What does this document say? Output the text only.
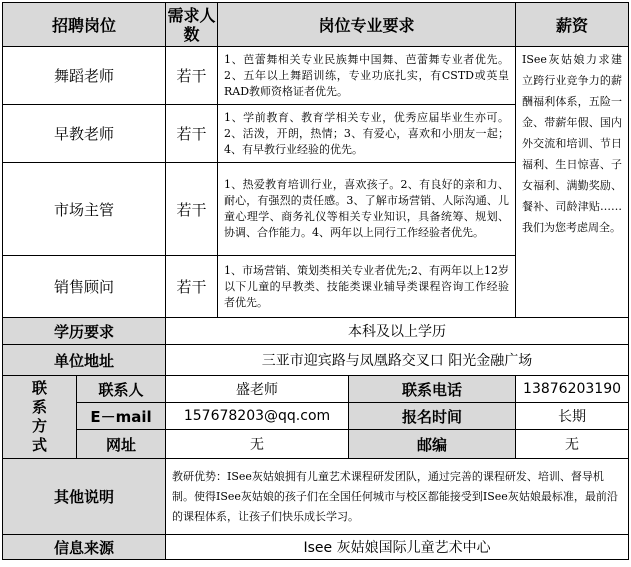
招聘岗位		需求人数	岗位专业要求		薪资
舞蹈老师		若干	1、芭蕾舞相关专业民族舞中国舞、芭蕾舞专业者优先。2、五年以上舞蹈训练，专业功底扎实，有CSTD或英皇RAD教师资格证者优先。		ISee灰姑娘力求建立跨行业竞争力的薪酬福利体系，五险一金、带薪年假、国内外交流和培训、节日福利、生日惊喜、子女福利、满勤奖励、餐补、司龄津贴……我们为您考虑周全。
早教老师		若干	1、学前教育、教育学相关专业，优秀应届毕业生亦可。2、活泼，开朗，热情；3、有爱心，喜欢和小朋友一起；4、有早教行业经验的优先。		
市场主管		若干	1、热爱教育培训行业，喜欢孩子。2、有良好的亲和力、耐心，有强烈的责任感。3、了解市场营销、人际沟通、儿童心理学、商务礼仪等相关专业知识，具备统筹、规划、协调、合作能力。4、两年以上同行工作经验者优先。		
销售顾问		若干	1、市场营销、策划类相关专业者优先;2、有两年以上12岁以下儿童的早教类、技能类课业辅导类课程咨询工作经验者优先。		
学历要求		本科及以上学历			
单位地址		三亚市迎宾路与凤凰路交叉口 阳光金融广场			

联
系
方
式	联系人	盛老师		联系电话	13876203190
	E－mail	157678203@qq.com		报名时间	长期
	网址	无		邮编	无
其他说明		教研优势：ISee灰姑娘拥有儿童艺术课程研发团队，通过完善的课程研发、培训、督导机制。使得ISee灰姑娘的孩子们在全国任何城市与校区都能接受到ISee灰姑娘最标准，最前沿的课程体系，让孩子们快乐成长学习。			
信息来源		Isee 灰姑娘国际儿童艺术中心			
